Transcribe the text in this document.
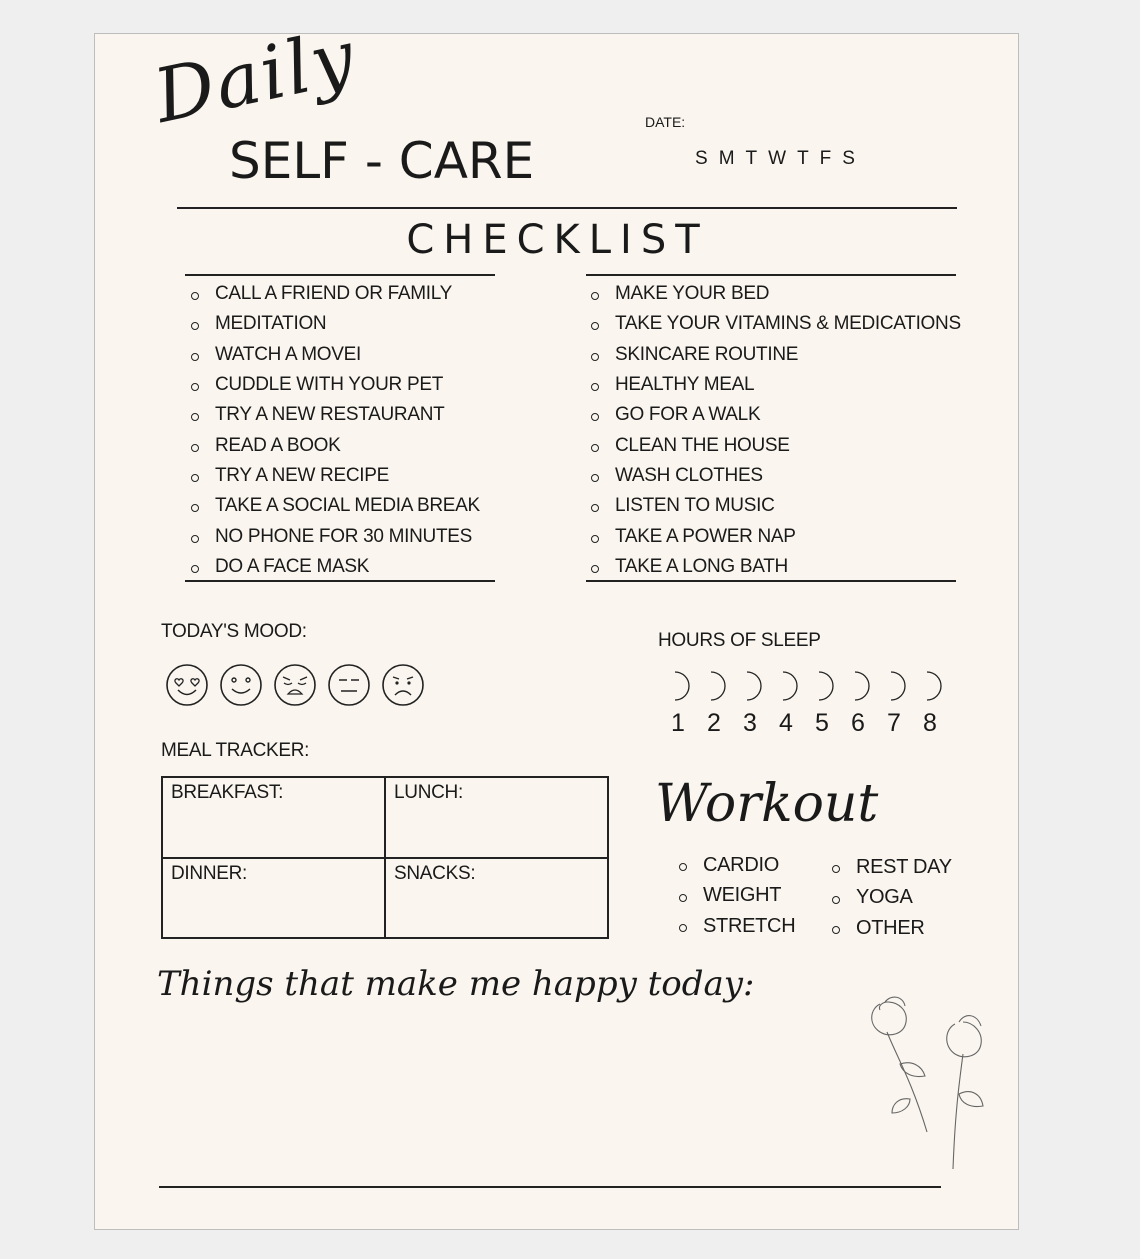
Daily
SELF - CARE
DATE:
S M T W T F S
CHECKLIST
CALL A FRIEND OR FAMILY
MEDITATION
WATCH A MOVEI
CUDDLE WITH YOUR PET
TRY A NEW RESTAURANT
READ A BOOK
TRY A NEW RECIPE
TAKE A SOCIAL MEDIA BREAK
NO PHONE FOR 30 MINUTES
DO A FACE MASK
MAKE YOUR BED
TAKE YOUR VITAMINS & MEDICATIONS
SKINCARE ROUTINE
HEALTHY MEAL
GO FOR A WALK
CLEAN THE HOUSE
WASH CLOTHES
LISTEN TO MUSIC
TAKE A POWER NAP
TAKE A LONG BATH
TODAY'S MOOD:	HOURS OF SLEEP
1 2 3 4 5 6 7 8
MEAL TRACKER:
BREAKFAST:	LUNCH:
DINNER:	SNACKS:
Workout
CARDIO
WEIGHT
STRETCH
REST DAY
YOGA
OTHER
Things that make me happy today:
